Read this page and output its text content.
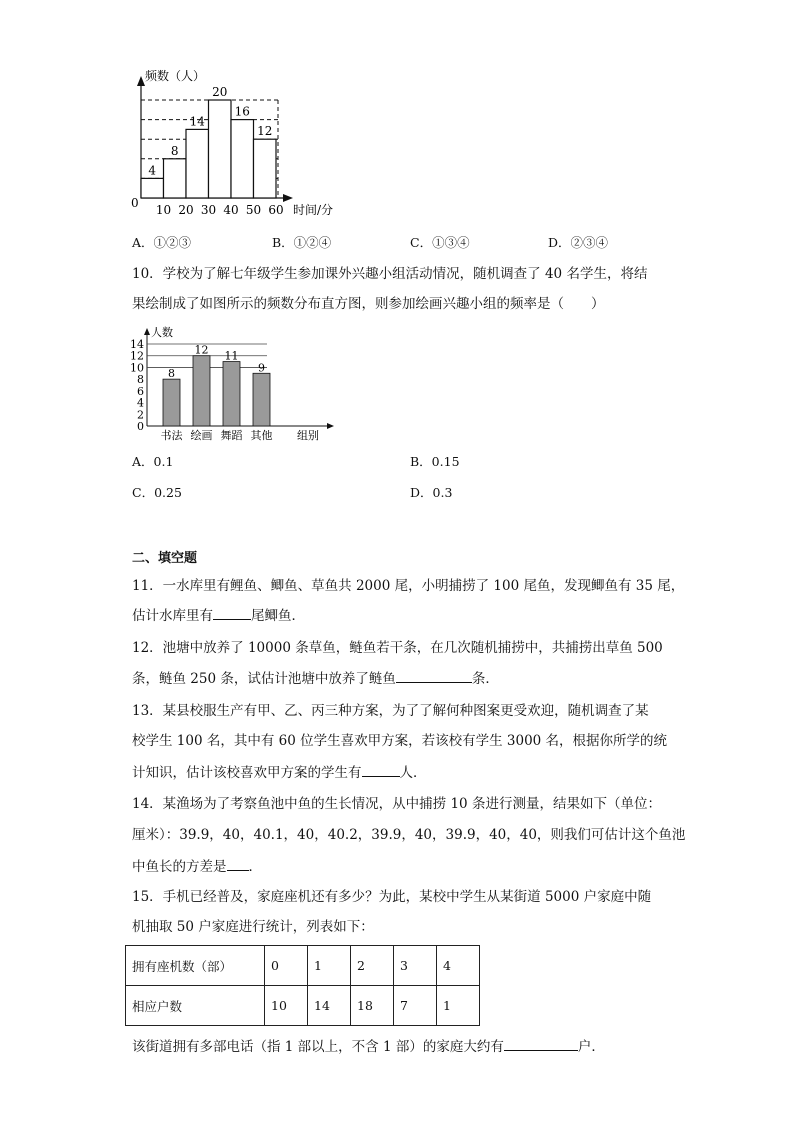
频数（人）
0
4
8
14
20
16
12
10 20 30 40 50 60 时间/分
A．①②③	B．①②④	C．①③④	D．②③④
10．学校为了解七年级学生参加课外兴趣小组活动情况，随机调查了 40 名学生，将结
果绘制成了如图所示的频数分布直方图，则参加绘画兴趣小组的频率是（　　）
人数
0
2
4
6
8
10
12
14
8
12 11
9
书法 绘画 舞蹈 其他 组别
A．0.1	B．0.15
C．0.25	D．0.3
二、填空题
11．一水库里有鲤鱼、鲫鱼、草鱼共 2000 尾，小明捕捞了 100 尾鱼，发现鲫鱼有 35 尾，
估计水库里有	尾鲫鱼．
12．池塘中放养了 10000 条草鱼，鲢鱼若干条，在几次随机捕捞中，共捕捞出草鱼 500
条，鲢鱼 250 条，试估计池塘中放养了鲢鱼	条．
13．某县校服生产有甲、乙、丙三种方案，为了了解何种图案更受欢迎，随机调查了某
校学生 100 名，其中有 60 位学生喜欢甲方案，若该校有学生 3000 名，根据你所学的统
计知识，估计该校喜欢甲方案的学生有	人．
14．某渔场为了考察鱼池中鱼的生长情况，从中捕捞 10 条进行测量，结果如下（单位：
厘米）：39.9，40，40.1，40，40.2，39.9，40，39.9，40，40，则我们可估计这个鱼池
中鱼长的方差是 ．
15．手机已经普及，家庭座机还有多少？为此，某校中学生从某街道 5000 户家庭中随
机抽取 50 户家庭进行统计，列表如下：
拥有座机数（部）	0	1	2	3	4
相应户数	10	14	18	7	1
该街道拥有多部电话（指 1 部以上，不含 1 部）的家庭大约有	户．
